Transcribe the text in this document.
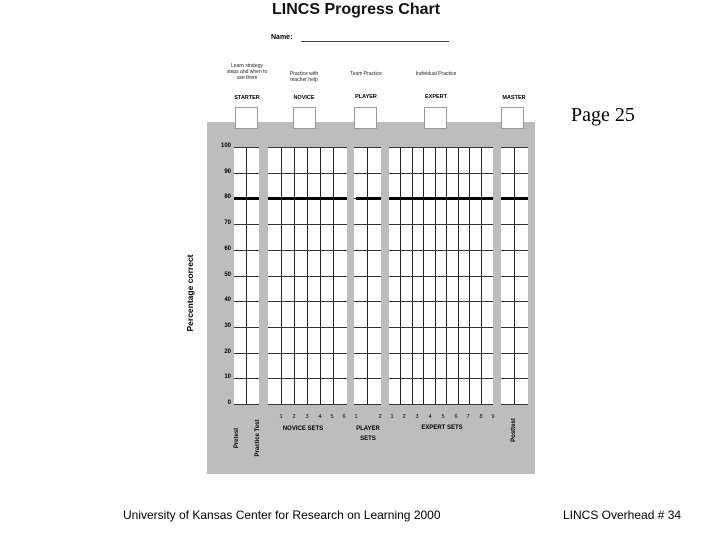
LINCS Progress Chart
Name:
Learn strategy steps and when to use them
STARTER
Practice with teacher help
NOVICE
Team Practice
PLAYER
Individual Practice
EXPERT	MASTER
100
90
80
70
60
50
40
30
20
10
0
Percentage correct
Pretest	Practice Test	Posttest
1	2	3	4	5	6	1	2	1	2	3	4	5	6	7	8	9
NOVICE SETS	PLAYER
SETS
EXPERT SETS
Page 25
University of Kansas Center for Research on Learning 2000	LINCS Overhead # 34
